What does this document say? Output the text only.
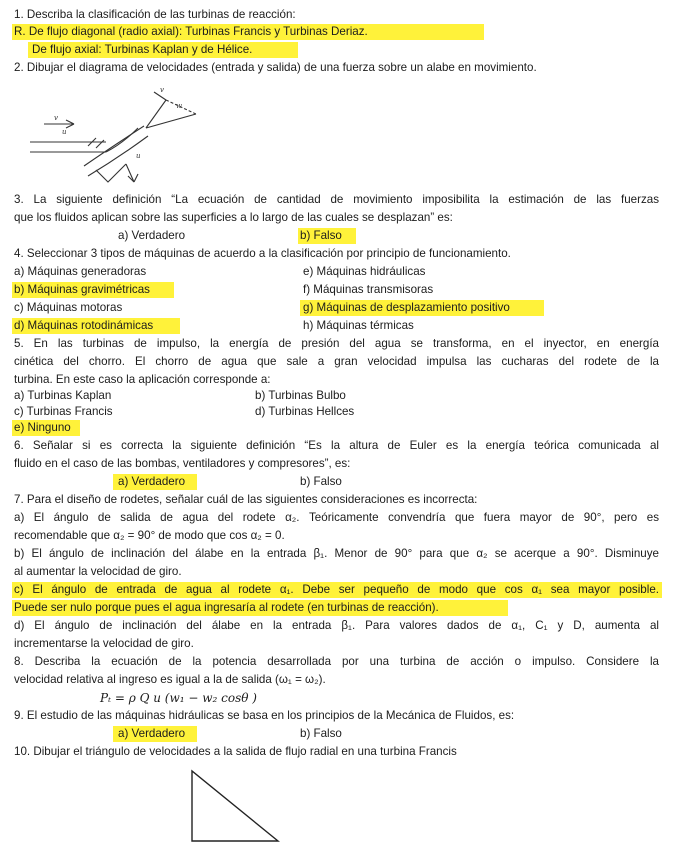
1. Describa la clasificación de las turbinas de reacción:
R. De flujo diagonal (radio axial): Turbinas Francis y Turbinas Deriaz.
De flujo axial: Turbinas Kaplan y de Hélice.
2. Dibujar el diagrama de velocidades (entrada y salida) de una fuerza sobre un alabe en movimiento.
v
u
v
w
u
3. La siguiente definición “La ecuación de cantidad de movimiento imposibilita la estimación de las fuerzas
que los fluidos aplican sobre las superficies a lo largo de las cuales se desplazan” es:
a) Verdadero	b) Falso
4. Seleccionar 3 tipos de máquinas de acuerdo a la clasificación por principio de funcionamiento.
a) Máquinas generadoras	e) Máquinas hidráulicas
b) Máquinas gravimétricas	f) Máquinas transmisoras
c) Máquinas motoras	g) Máquinas de desplazamiento positivo
d) Máquinas rotodinámicas	h) Máquinas térmicas
5. En las turbinas de impulso, la energía de presión del agua se transforma, en el inyector, en energía
cinética del chorro. El chorro de agua que sale a gran velocidad impulsa las cucharas del rodete de la
turbina. En este caso la aplicación corresponde a:
a) Turbinas Kaplan	b) Turbinas Bulbo
c) Turbinas Francis	d) Turbinas Hellces
e) Ninguno
6. Señalar si es correcta la siguiente definición “Es la altura de Euler es la energía teórica comunicada al
fluido en el caso de las bombas, ventiladores y compresores”, es:
a) Verdadero	b) Falso
7. Para el diseño de rodetes, señalar cuál de las siguientes consideraciones es incorrecta:
a) El ángulo de salida de agua del rodete α₂. Teóricamente convendría que fuera mayor de 90°, pero es
recomendable que α₂ = 90° de modo que cos α₂ = 0.
b) El ángulo de inclinación del álabe en la entrada β₁. Menor de 90° para que α₂ se acerque a 90°. Disminuye
al aumentar la velocidad de giro.
c) El ángulo de entrada de agua al rodete α₁. Debe ser pequeño de modo que cos α₁ sea mayor posible.
Puede ser nulo porque pues el agua ingresaría al rodete (en turbinas de reacción).
d) El ángulo de inclinación del álabe en la entrada β₁. Para valores dados de α₁, C₁ y D, aumenta al
incrementarse la velocidad de giro.
8. Describa la ecuación de la potencia desarrollada por una turbina de acción o impulso. Considere la
velocidad relativa al ingreso es igual a la de salida (ω₁ = ω₂).
Pₜ = ρ Q u (w₁ − w₂ cosθ )
9. El estudio de las máquinas hidráulicas se basa en los principios de la Mecánica de Fluidos, es:
a) Verdadero	b) Falso
10. Dibujar el triángulo de velocidades a la salida de flujo radial en una turbina Francis
